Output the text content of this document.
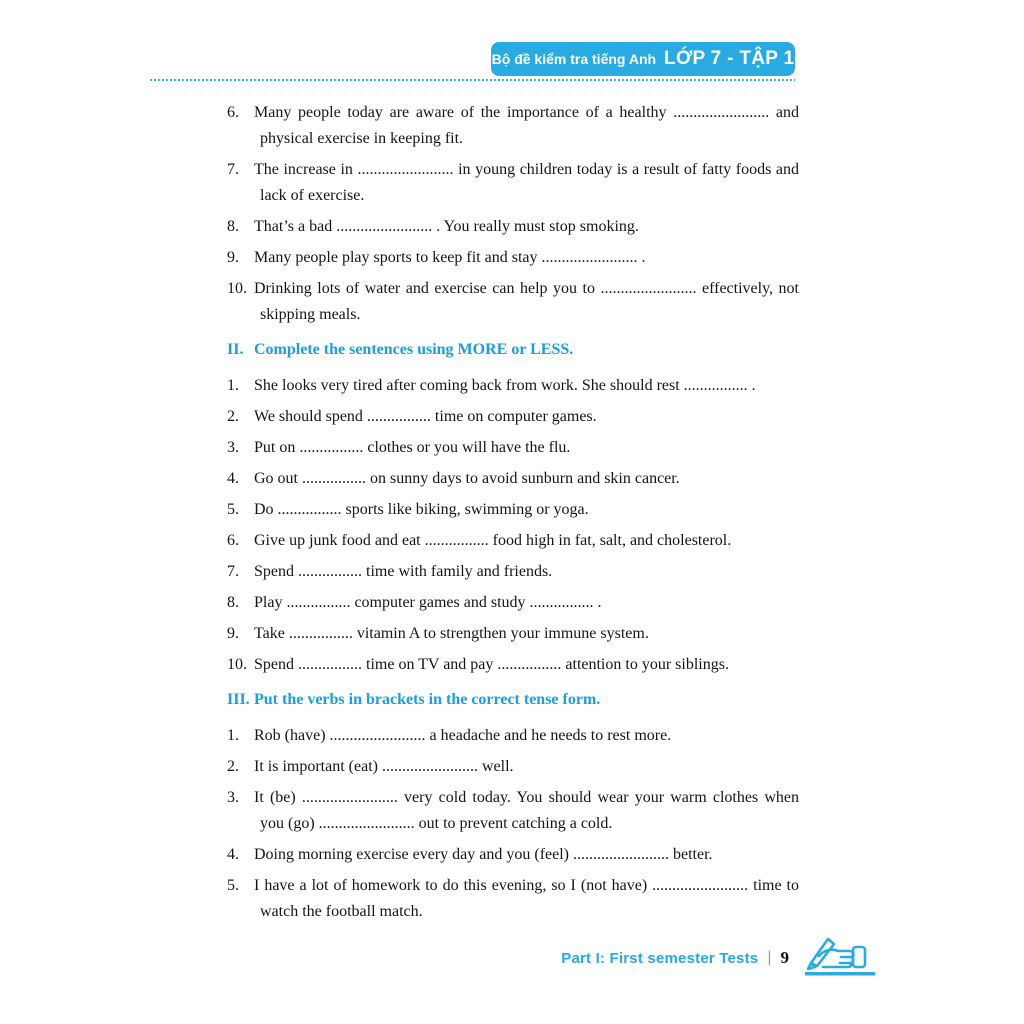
Bộ đề kiểm tra tiếng Anh LỚP 7 - TẬP 1
6. Many people today are aware of the importance of a healthy ........................ and physical exercise in keeping fit.
7. The increase in ........................ in young children today is a result of fatty foods and lack of exercise.
8. That’s a bad ........................ . You really must stop smoking.
9. Many people play sports to keep fit and stay ........................ .
10. Drinking lots of water and exercise can help you to ........................ effectively, not skipping meals.
II. Complete the sentences using MORE or LESS.
1. She looks very tired after coming back from work. She should rest ................ .
2. We should spend ................ time on computer games.
3. Put on ................ clothes or you will have the flu.
4. Go out ................ on sunny days to avoid sunburn and skin cancer.
5. Do ................ sports like biking, swimming or yoga.
6. Give up junk food and eat ................ food high in fat, salt, and cholesterol.
7. Spend ................ time with family and friends.
8. Play ................ computer games and study ................ .
9. Take ................ vitamin A to strengthen your immune system.
10. Spend ................ time on TV and pay ................ attention to your siblings.
III. Put the verbs in brackets in the correct tense form.
1. Rob (have) ........................ a headache and he needs to rest more.
2. It is important (eat) ........................ well.
3. It (be) ........................ very cold today. You should wear your warm clothes when you (go) ........................ out to prevent catching a cold.
4. Doing morning exercise every day and you (feel) ........................ better.
5. I have a lot of homework to do this evening, so I (not have) ........................ time to watch the football match.
Part I: First semester Tests | 9
